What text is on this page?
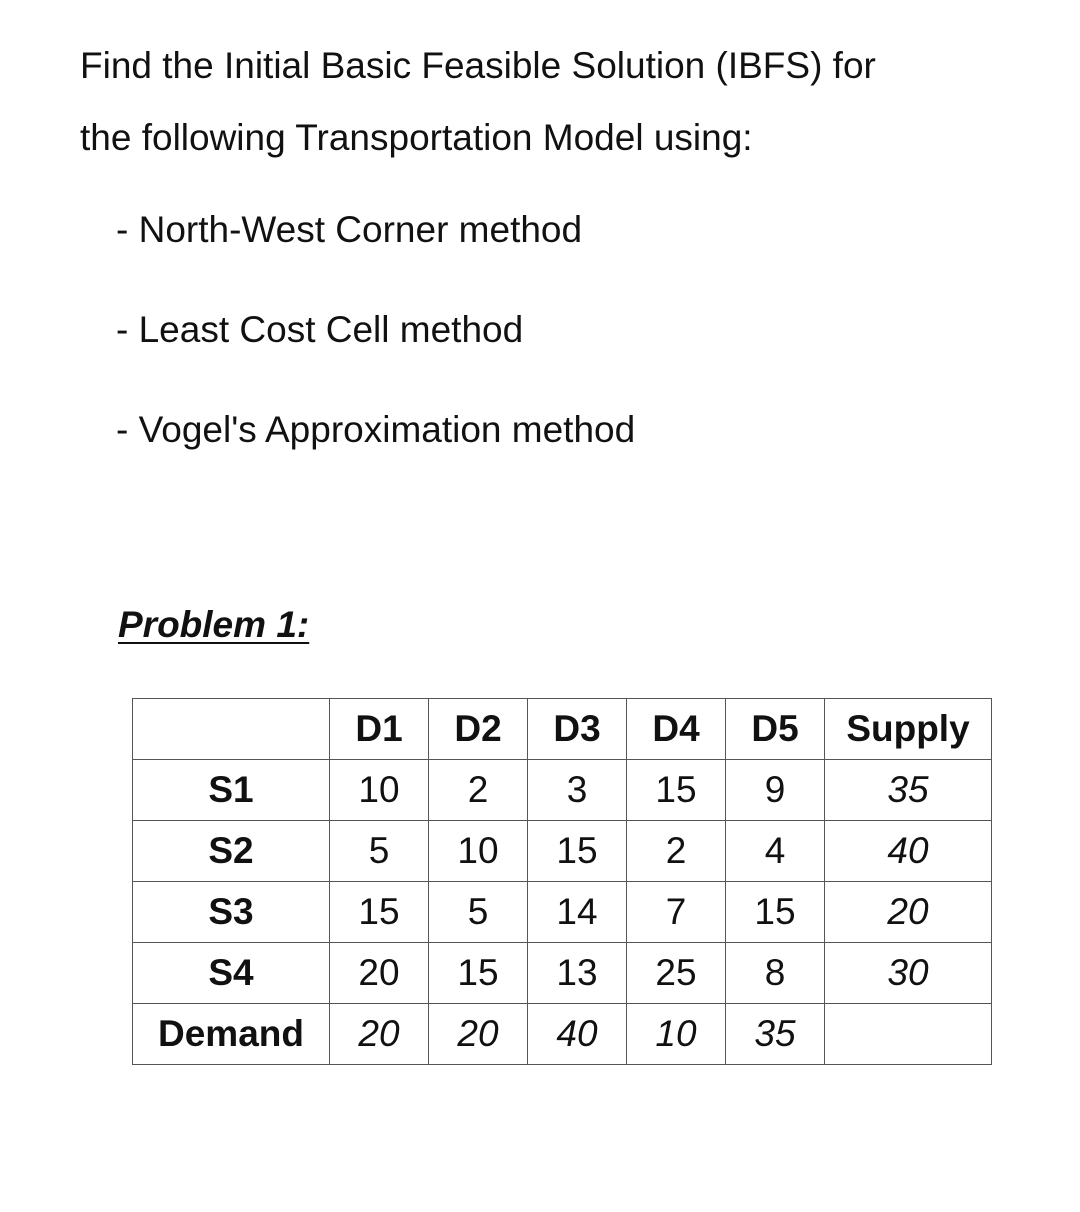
Find the Initial Basic Feasible Solution (IBFS) for
the following Transportation Model using:

- North-West Corner method
- Least Cost Cell method
- Vogel's Approximation method
Problem 1:
	D1	D2	D3	D4	D5	Supply
S1	10	2	3	15	9	35
S2	5	10	15	2	4	40
S3	15	5	14	7	15	20
S4	20	15	13	25	8	30
Demand	20	20	40	10	35	
